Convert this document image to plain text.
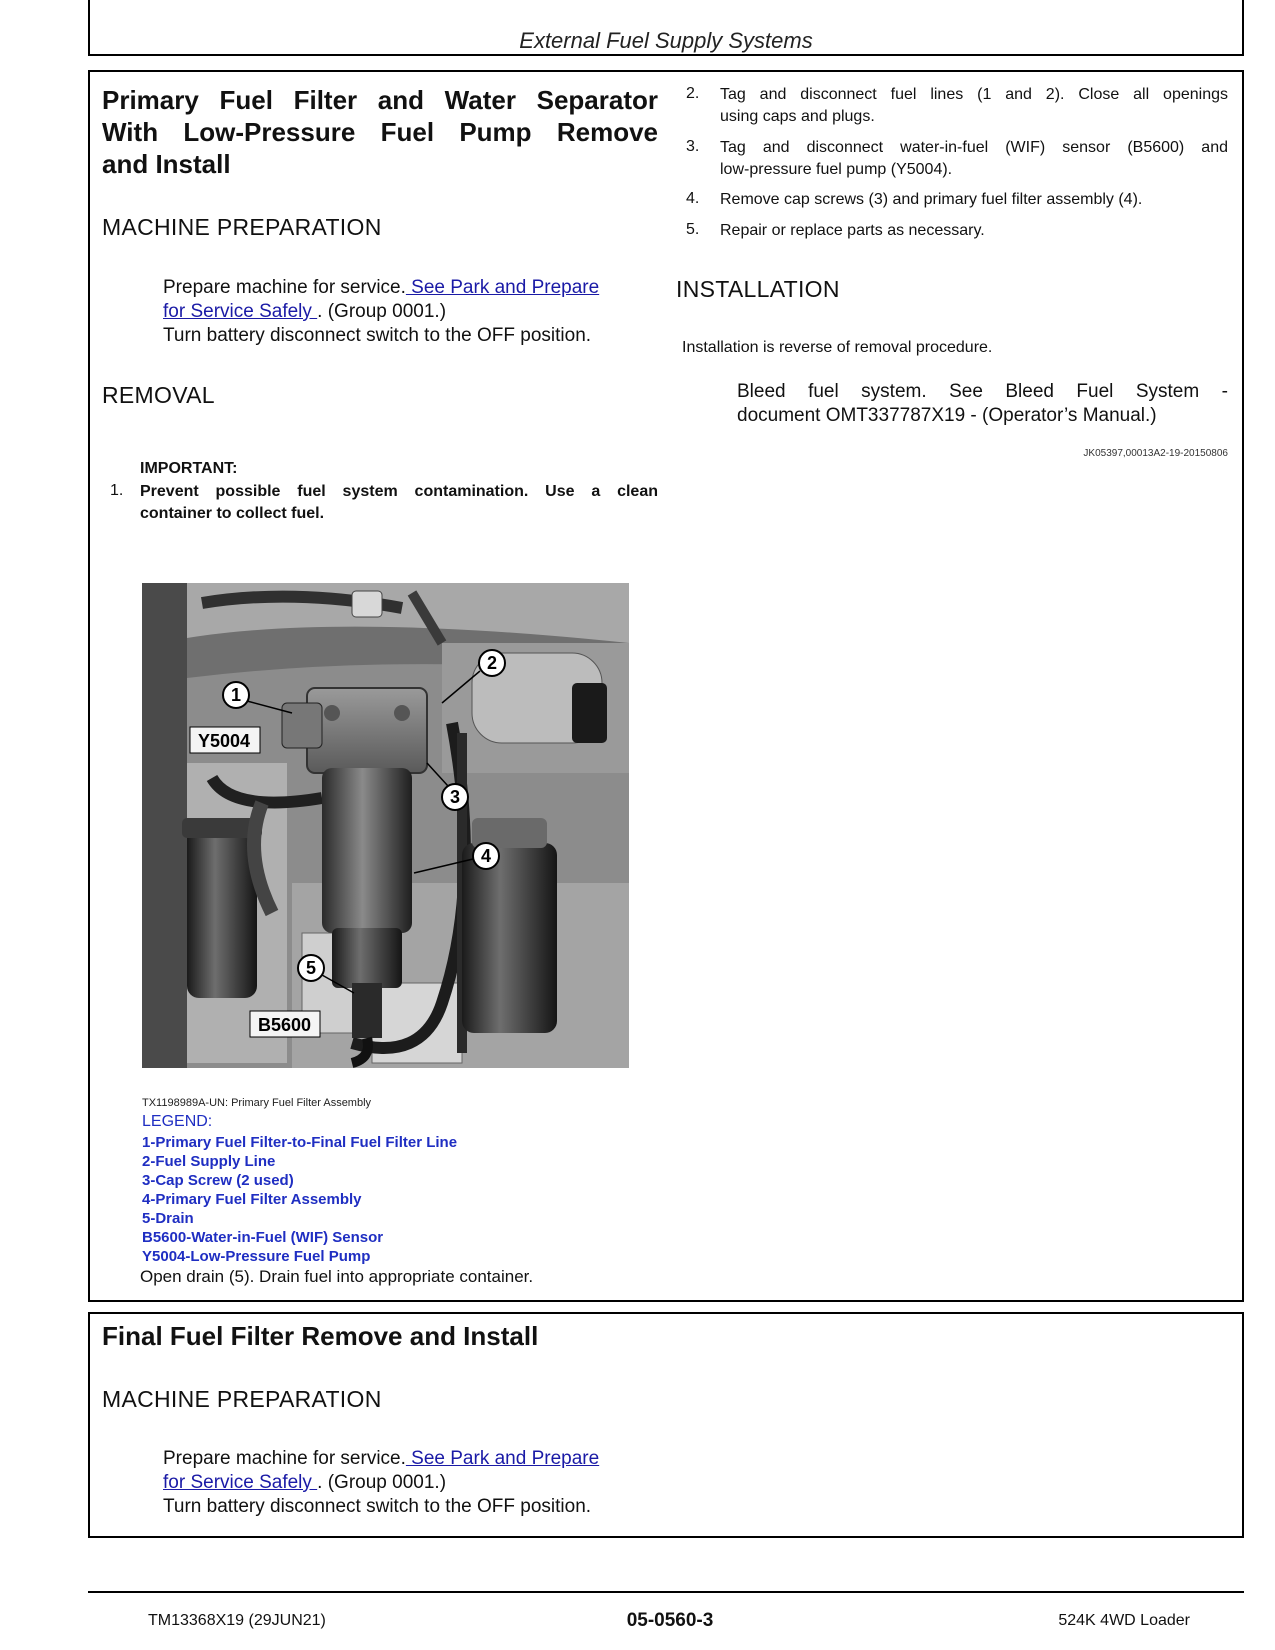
External Fuel Supply Systems
Primary Fuel Filter and Water Separator
With Low-Pressure Fuel Pump Remove
and Install
MACHINE PREPARATION
Prepare machine for service. See Park and Prepare
for Service Safely . (Group 0001.)
Turn battery disconnect switch to the OFF position.
REMOVAL
IMPORTANT:
1. Prevent possible fuel system contamination. Use a clean
container to collect fuel.
1
2
3
4
5
Y5004
B5600
TX1198989A-UN: Primary Fuel Filter Assembly
LEGEND:
1-Primary Fuel Filter-to-Final Fuel Filter Line
2-Fuel Supply Line
3-Cap Screw (2 used)
4-Primary Fuel Filter Assembly
5-Drain
B5600-Water-in-Fuel (WIF) Sensor
Y5004-Low-Pressure Fuel Pump
Open drain (5). Drain fuel into appropriate container.
2. Tag and disconnect fuel lines (1 and 2). Close all openings
using caps and plugs.
3. Tag and disconnect water-in-fuel (WIF) sensor (B5600) and
low-pressure fuel pump (Y5004).
4. Remove cap screws (3) and primary fuel filter assembly (4).
5. Repair or replace parts as necessary.
INSTALLATION
Installation is reverse of removal procedure.
Bleed fuel system. See Bleed Fuel System -
document OMT337787X19 - (Operator’s Manual.)
JK05397,00013A2-19-20150806
Final Fuel Filter Remove and Install
MACHINE PREPARATION
Prepare machine for service. See Park and Prepare
for Service Safely . (Group 0001.)
Turn battery disconnect switch to the OFF position.
TM13368X19 (29JUN21)	05-0560-3	524K 4WD Loader
